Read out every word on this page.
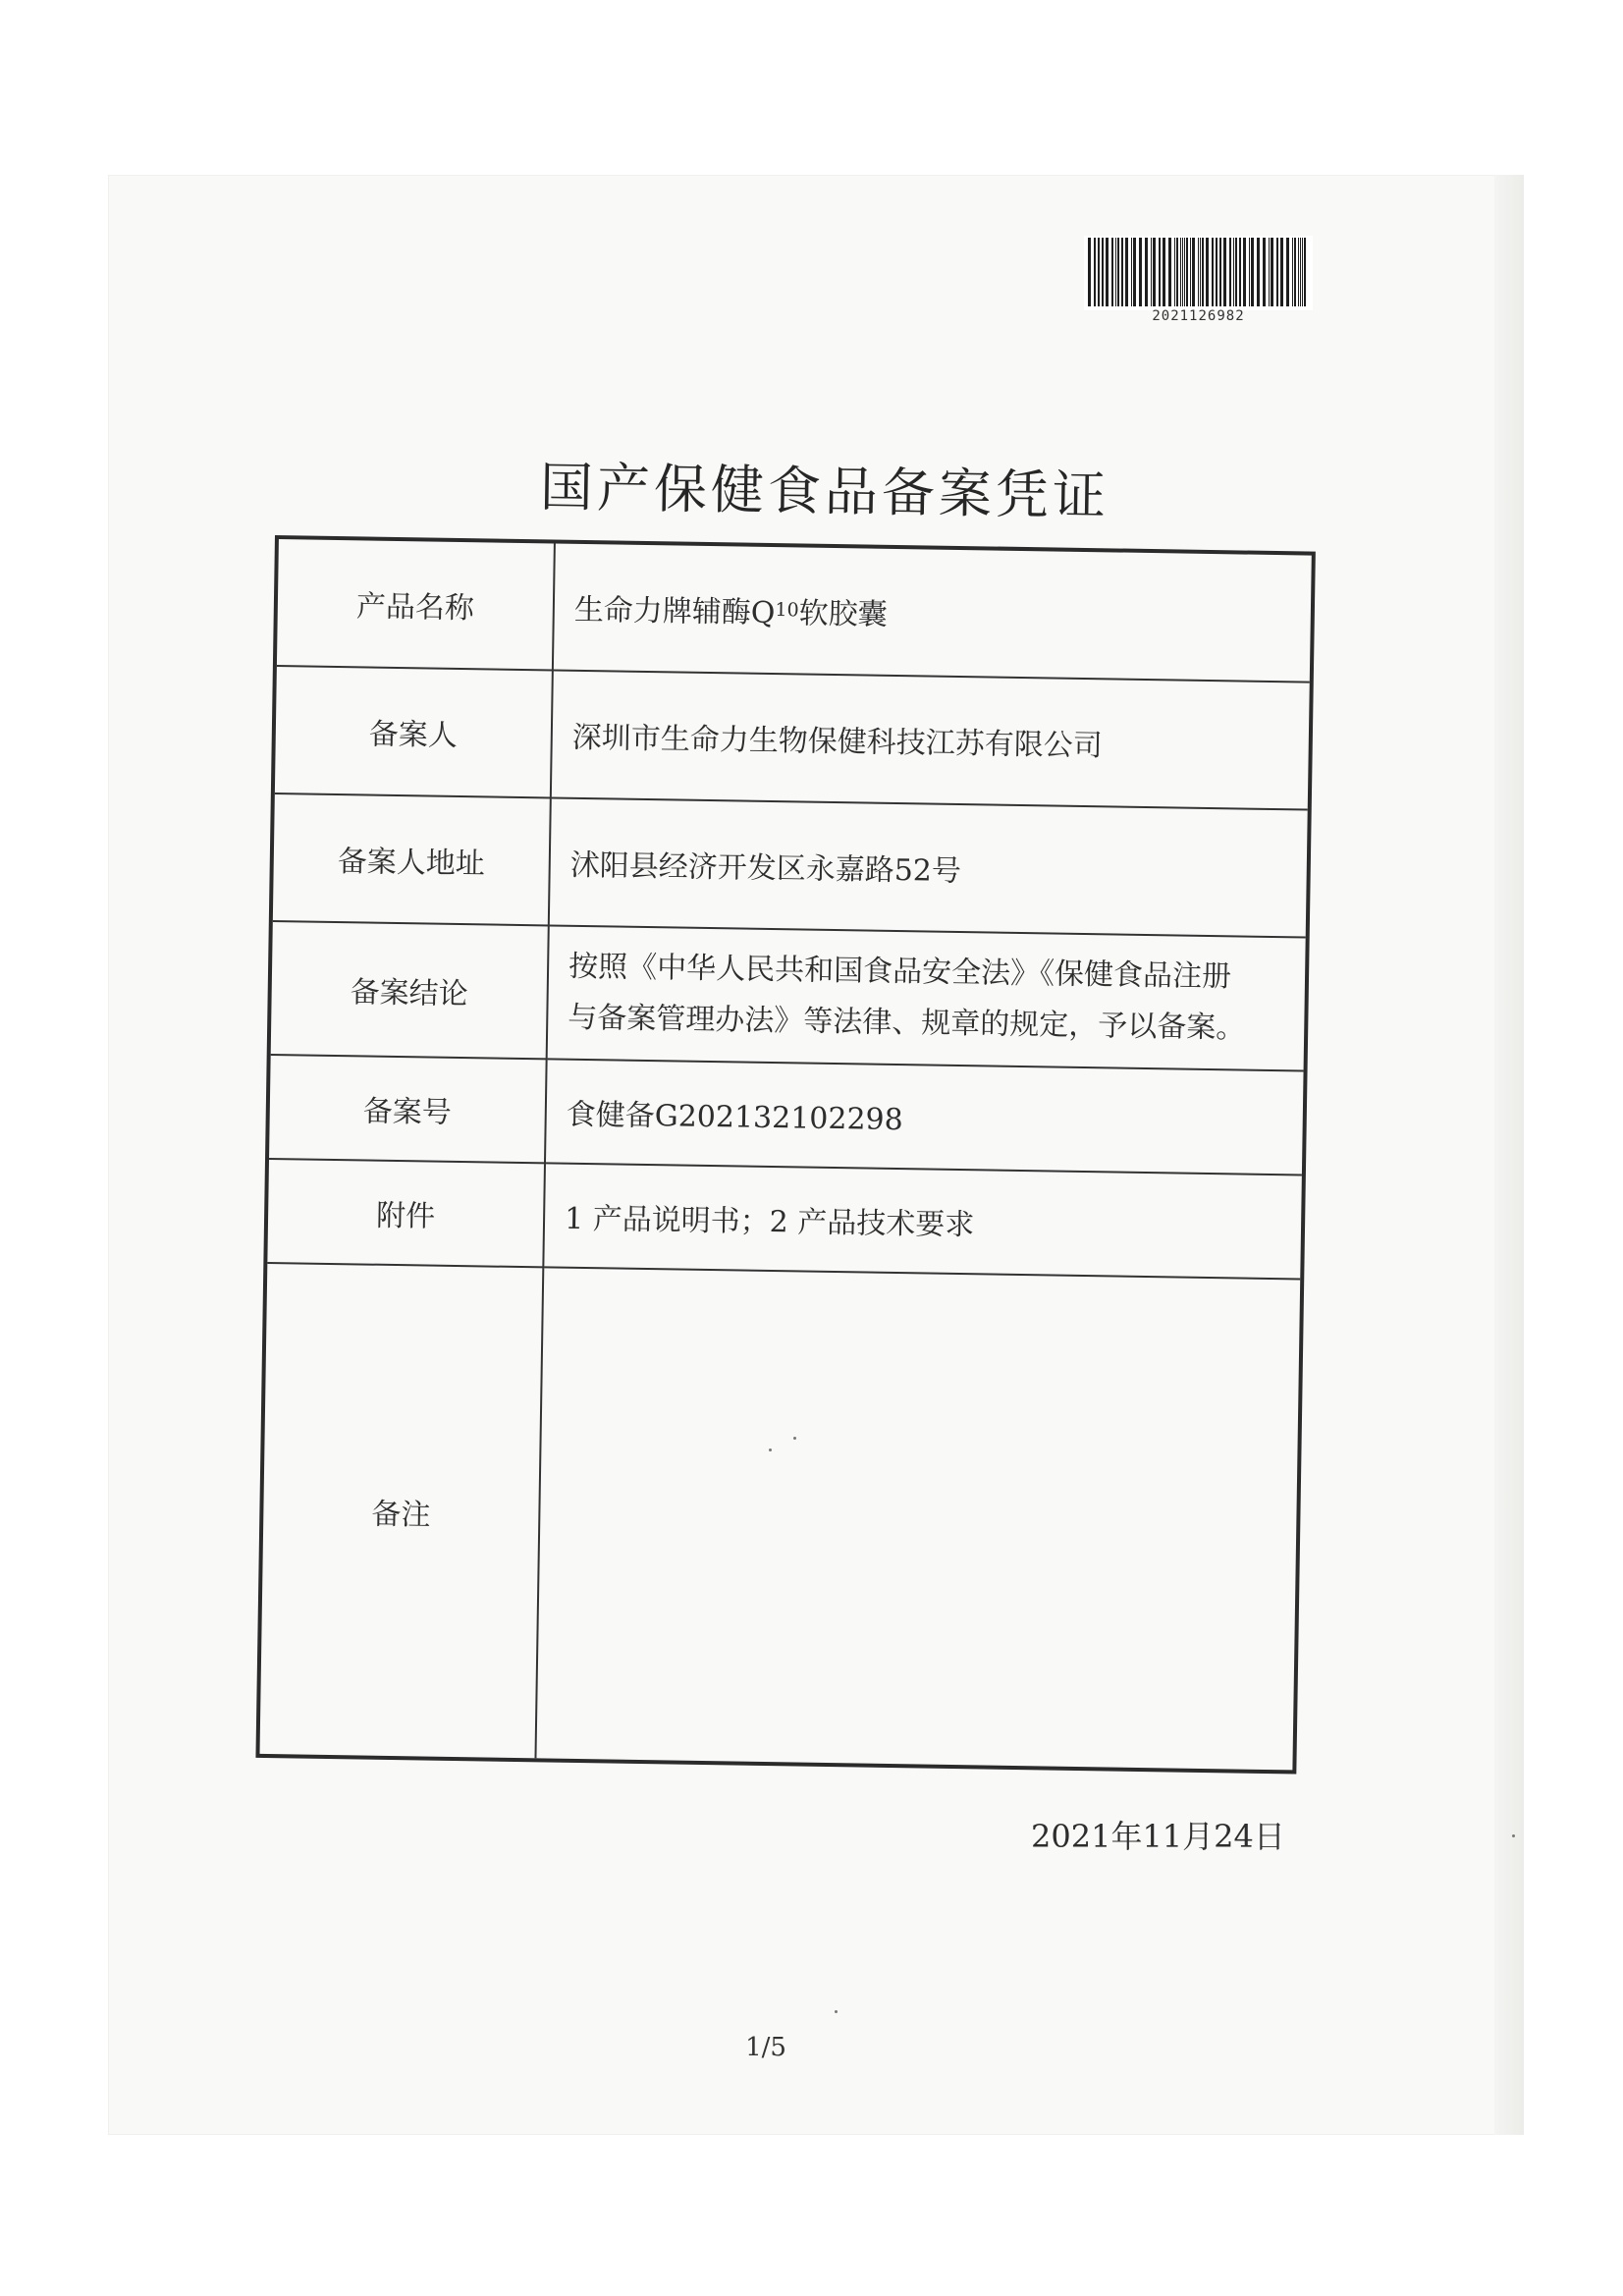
2021126982
国产保健食品备案凭证
产品名称	生命力牌辅酶Q 10 软胶囊
备案人	深圳市生命力生物保健科技江苏有限公司
备案人地址	沭阳县经济开发区永嘉路52号
备案结论	按照《中华人民共和国食品安全法》《保健食品注册
与备案管理办法》等法律、规章的规定，予以备案。
备案号	食健备G202132102298
附件	1 产品说明书；2 产品技术要求
备注
2021年11月24日
1/5
